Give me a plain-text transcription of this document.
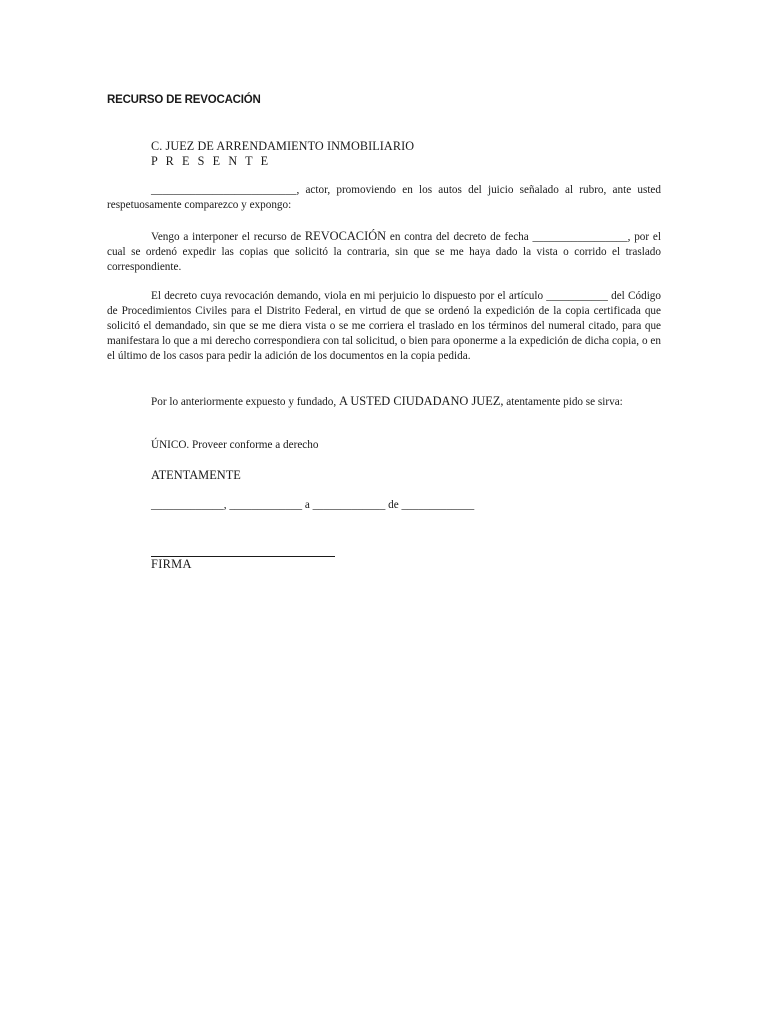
RECURSO DE REVOCACIÓN
C. JUEZ DE ARRENDAMIENTO INMOBILIARIO
P R E S E N T E

__________________________, actor, promoviendo en los autos del juicio señalado al rubro, ante usted respetuosamente comparezco y expongo:

Vengo a interponer el recurso de REVOCACIÓN en contra del decreto de fecha _________________, por el cual se ordenó expedir las copias que solicitó la contraria, sin que se me haya dado la vista o corrido el traslado correspondiente.

El decreto cuya revocación demando, viola en mi perjuicio lo dispuesto por el artículo ___________ del Código de Procedimientos Civiles para el Distrito Federal, en virtud de que se ordenó la expedición de la copia certificada que solicitó el demandado, sin que se me diera vista o se me corriera el traslado en los términos del numeral citado, para que manifestara lo que a mi derecho correspondiera con tal solicitud, o bien para oponerme a la expedición de dicha copia, o en el último de los casos para pedir la adición de los documentos en la copia pedida.

Por lo anteriormente expuesto y fundado, A USTED CIUDADANO JUEZ, atentamente pido se sirva:

ÚNICO. Proveer conforme a derecho

ATENTAMENTE

_____________, _____________ a _____________ de _____________

FIRMA
